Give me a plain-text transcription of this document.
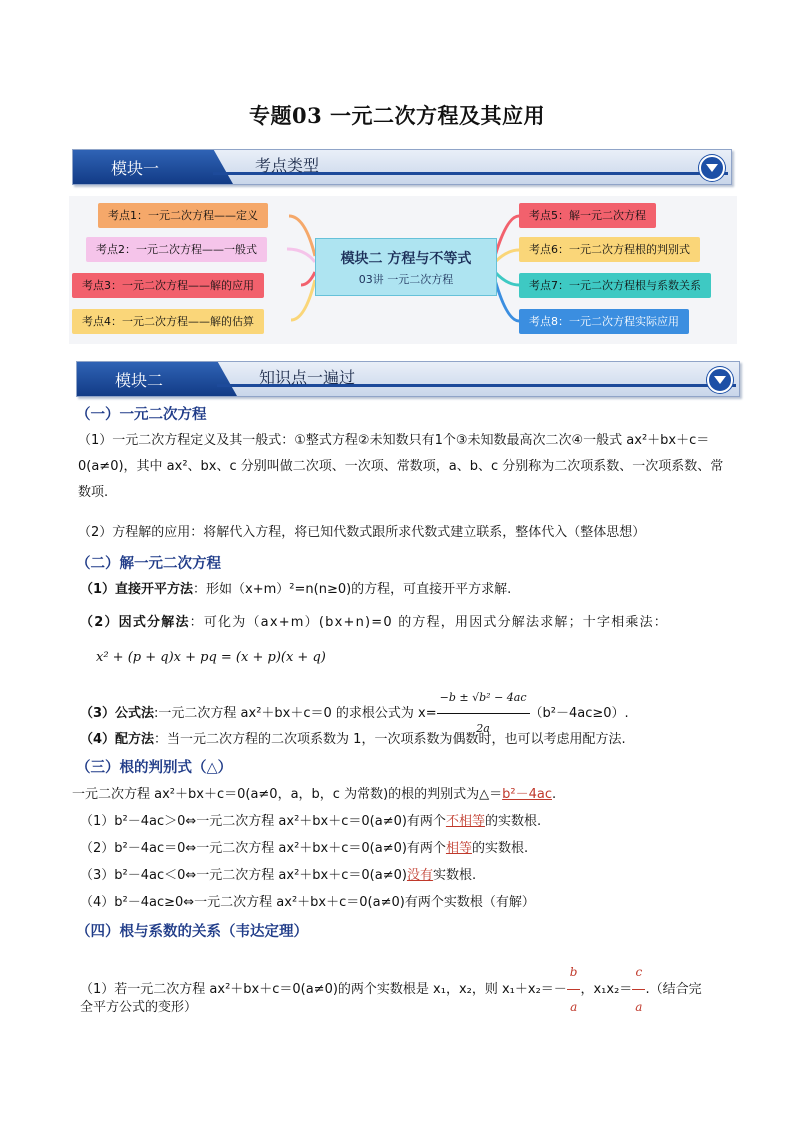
专题03 一元二次方程及其应用
模块一	考点类型
考点1：一元二次方程——定义
考点2：一元二次方程——一般式
考点3：一元二次方程——解的应用
考点4：一元二次方程——解的估算
模块二 方程与不等式
03讲 一元二次方程
考点5：解一元二次方程
考点6：一元二次方程根的判别式
考点7：一元二次方程根与系数关系
考点8：一元二次方程实际应用
模块二	知识点一遍过
（一）一元二次方程
（1）一元二次方程定义及其一般式：①整式方程②未知数只有1个③未知数最高次二次④一般式 ax²＋bx＋c＝0(a≠0)，其中 ax²、bx、c 分别叫做二次项、一次项、常数项，a、b、c 分别称为二次项系数、一次项系数、常数项.
（2）方程解的应用：将解代入方程，将已知代数式跟所求代数式建立联系，整体代入（整体思想）
（二）解一元二次方程
（1）直接开平方法：形如（x+m）²=n(n≥0)的方程，可直接开平方求解.
（2）因式分解法：可化为（ax+m）(bx+n)=0 的方程，用因式分解法求解；十字相乘法：
x² + (p + q)x + pq = (x + p)(x + q)
（3）公式法:一元二次方程 ax²＋bx＋c＝0 的求根公式为 $x= \frac{\text{−b ± √b² − 4ac}}{2a} (b^2-4ac\ge 0)$.
（4）配方法：当一元二次方程的二次项系数为 1，一次项系数为偶数时，也可以考虑用配方法.
（三）根的判别式（△）
一元二次方程 ax²＋bx＋c＝0(a≠0，a，b，c 为常数)的根的判别式为△＝b²－4ac.
（1）b²－4ac＞0⇔一元二次方程 ax²＋bx＋c＝0(a≠0)有两个不相等的实数根.
（2）b²－4ac＝0⇔一元二次方程 ax²＋bx＋c＝0(a≠0)有两个相等的实数根.
（3）b²－4ac＜0⇔一元二次方程 ax²＋bx＋c＝0(a≠0)没有实数根.
（4）b²－4ac≥0⇔一元二次方程 ax²＋bx＋c＝0(a≠0)有两个实数根（有解）
（四）根与系数的关系（韦达定理）
（1）若一元二次方程 ax²＋bx＋c＝0(a≠0)的两个实数根是 x₁，x₂，则 $x_1+x_2=- \frac{b}{a}$ ，$x_1x_2= \frac{c}{a}$ .（结合完
全平方公式的变形）
